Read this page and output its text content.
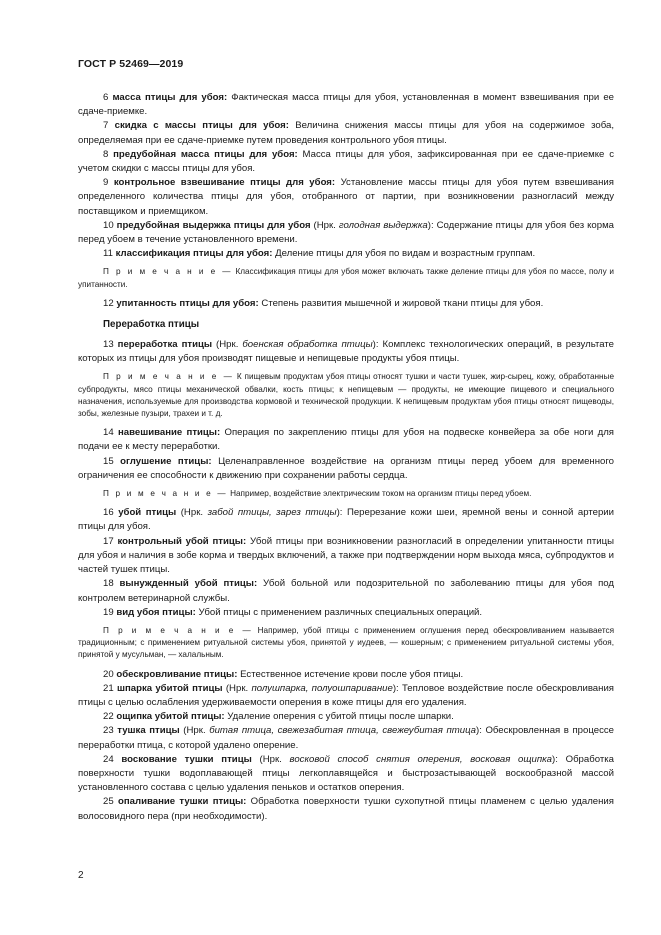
ГОСТ Р 52469—2019

6 масса птицы для убоя: Фактическая масса птицы для убоя, установленная в момент взвешивания при ее сдаче-приемке.

7 скидка с массы птицы для убоя: Величина снижения массы птицы для убоя на содержимое зоба, определяемая при ее сдаче-приемке путем проведения контрольного убоя птицы.

8 предубойная масса птицы для убоя: Масса птицы для убоя, зафиксированная при ее сдаче-приемке с учетом скидки с массы птицы для убоя.

9 контрольное взвешивание птицы для убоя: Установление массы птицы для убоя путем взвешивания определенного количества птицы для убоя, отобранного от партии, при возникновении разногласий между поставщиком и приемщиком.

10 предубойная выдержка птицы для убоя (Нрк. голодная выдержка): Содержание птицы для убоя без корма перед убоем в течение установленного времени.

11 классификация птицы для убоя: Деление птицы для убоя по видам и возрастным группам.

П р и м е ч а н и е — Классификация птицы для убоя может включать также деление птицы для убоя по массе, полу и упитанности.

12 упитанность птицы для убоя: Степень развития мышечной и жировой ткани птицы для убоя.

Переработка птицы

13 переработка птицы (Нрк. боенская обработка птицы): Комплекс технологических операций, в результате которых из птицы для убоя производят пищевые и непищевые продукты убоя птицы.

П р и м е ч а н и е — К пищевым продуктам убоя птицы относят тушки и части тушек, жир-сырец, кожу, обработанные субпродукты, мясо птицы механической обвалки, кость птицы; к непищевым — продукты, не имеющие пищевого и специального назначения, используемые для производства кормовой и технической продукции. К непищевым продуктам убоя птицы относят пищеводы, зобы, железные пузыри, трахеи и т. д.

14 навешивание птицы: Операция по закреплению птицы для убоя на подвеске конвейера за обе ноги для подачи ее к месту переработки.

15 оглушение птицы: Целенаправленное воздействие на организм птицы перед убоем для временного ограничения ее способности к движению при сохранении работы сердца.

П р и м е ч а н и е — Например, воздействие электрическим током на организм птицы перед убоем.

16 убой птицы (Нрк. забой птицы, зарез птицы): Перерезание кожи шеи, яремной вены и сонной артерии птицы для убоя.

17 контрольный убой птицы: Убой птицы при возникновении разногласий в определении упитанности птицы для убоя и наличия в зобе корма и твердых включений, а также при подтверждении норм выхода мяса, субпродуктов и частей тушек птицы.

18 вынужденный убой птицы: Убой больной или подозрительной по заболеванию птицы для убоя под контролем ветеринарной службы.

19 вид убоя птицы: Убой птицы с применением различных специальных операций.

П р и м е ч а н и е — Например, убой птицы с применением оглушения перед обескровливанием называется традиционным; с применением ритуальной системы убоя, принятой у иудеев, — кошерным; с применением ритуальной системы убоя, принятой у мусульман, — халальным.

20 обескровливание птицы: Естественное истечение крови после убоя птицы.

21 шпарка убитой птицы (Нрк. полушпарка, полуошпаривание): Тепловое воздействие после обескровливания птицы с целью ослабления удерживаемости оперения в коже птицы для его удаления.

22 ощипка убитой птицы: Удаление оперения с убитой птицы после шпарки.

23 тушка птицы (Нрк. битая птица, свежезабитая птица, свежеубитая птица): Обескровленная в процессе переработки птица, с которой удалено оперение.

24 воскование тушки птицы (Нрк. восковой способ снятия оперения, восковая ощипка): Обработка поверхности тушки водоплавающей птицы легкоплавящейся и быстрозастывающей воскообразной массой установленного состава с целью удаления пеньков и остатков оперения.

25 опаливание тушки птицы: Обработка поверхности тушки сухопутной птицы пламенем с целью удаления волосовидного пера (при необходимости).

2
